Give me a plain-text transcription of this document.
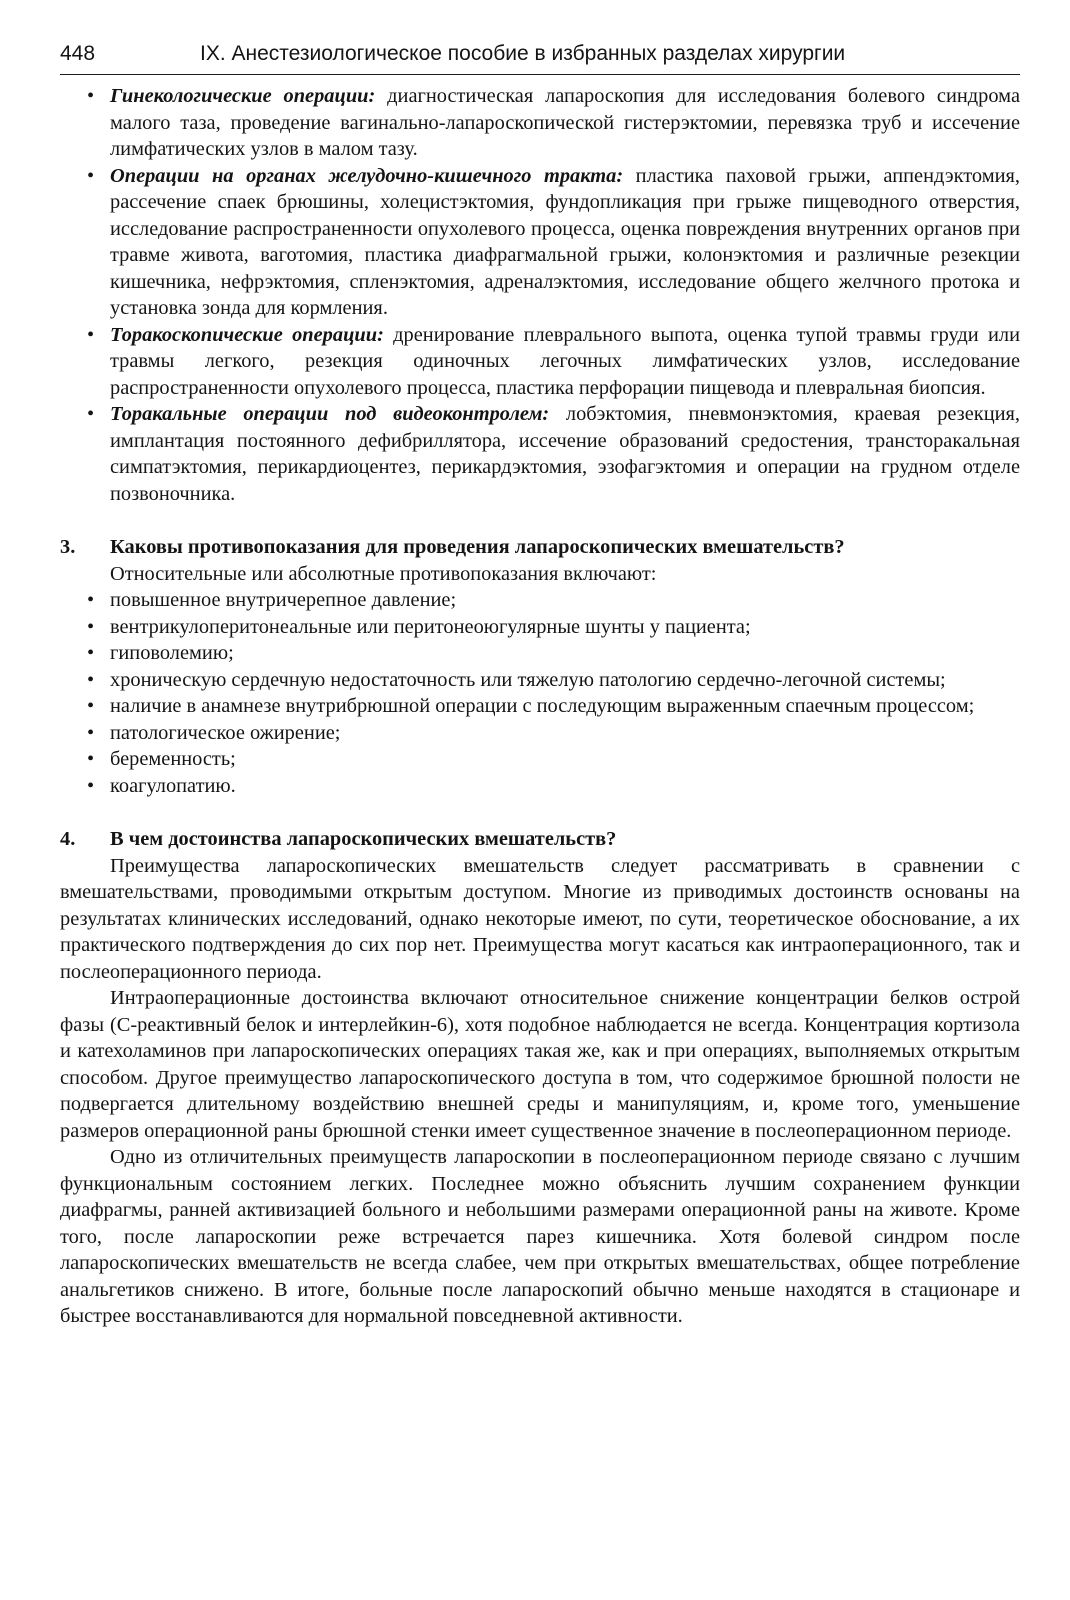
448	IX. Анестезиологическое пособие в избранных разделах хирургии
• Гинекологические операции: диагностическая лапароскопия для исследования болевого синдрома малого таза, проведение вагинально-лапароскопической гистерэктомии, перевязка труб и иссечение лимфатических узлов в малом тазу.
• Операции на органах желудочно-кишечного тракта: пластика паховой грыжи, аппендэктомия, рассечение спаек брюшины, холецистэктомия, фундопликация при грыже пищеводного отверстия, исследование распространенности опухолевого процесса, оценка повреждения внутренних органов при травме живота, ваготомия, пластика диафрагмальной грыжи, колонэктомия и различные резекции кишечника, нефрэктомия, спленэктомия, адреналэктомия, исследование общего желчного протока и установка зонда для кормления.
• Торакоскопические операции: дренирование плеврального выпота, оценка тупой травмы груди или травмы легкого, резекция одиночных легочных лимфатических узлов, исследование распространенности опухолевого процесса, пластика перфорации пищевода и плевральная биопсия.
• Торакальные операции под видеоконтролем: лобэктомия, пневмонэктомия, краевая резекция, имплантация постоянного дефибриллятора, иссечение образований средостения, трансторакальная симпатэктомия, перикардиоцентез, перикардэктомия, эзофагэктомия и операции на грудном отделе позвоночника.
3. Каковы противопоказания для проведения лапароскопических вмешательств?
Относительные или абсолютные противопоказания включают:
• повышенное внутричерепное давление;
• вентрикулоперитонеальные или перитонеоюгулярные шунты у пациента;
• гиповолемию;
• хроническую сердечную недостаточность или тяжелую патологию сердечно-легочной системы;
• наличие в анамнезе внутрибрюшной операции с последующим выраженным спаечным процессом;
• патологическое ожирение;
• беременность;
• коагулопатию.
4. В чем достоинства лапароскопических вмешательств?

Преимущества лапароскопических вмешательств следует рассматривать в сравнении с вмешательствами, проводимыми открытым доступом. Многие из приводимых достоинств основаны на результатах клинических исследований, однако некоторые имеют, по сути, теоретическое обоснование, а их практического подтверждения до сих пор нет. Преимущества могут касаться как интраоперационного, так и послеоперационного периода.

Интраоперационные достоинства включают относительное снижение концентрации белков острой фазы (С-реактивный белок и интерлейкин-6), хотя подобное наблюдается не всегда. Концентрация кортизола и катехоламинов при лапароскопических операциях такая же, как и при операциях, выполняемых открытым способом. Другое преимущество лапароскопического доступа в том, что содержимое брюшной полости не подвергается длительному воздействию внешней среды и манипуляциям, и, кроме того, уменьшение размеров операционной раны брюшной стенки имеет существенное значение в послеоперационном периоде.

Одно из отличительных преимуществ лапароскопии в послеоперационном периоде связано с лучшим функциональным состоянием легких. Последнее можно объяснить лучшим сохранением функции диафрагмы, ранней активизацией больного и небольшими размерами операционной раны на животе. Кроме того, после лапароскопии реже встречается парез кишечника. Хотя болевой синдром после лапароскопических вмешательств не всегда слабее, чем при открытых вмешательствах, общее потребление анальгетиков снижено. В итоге, больные после лапароскопий обычно меньше находятся в стационаре и быстрее восстанавливаются для нормальной повседневной активности.
